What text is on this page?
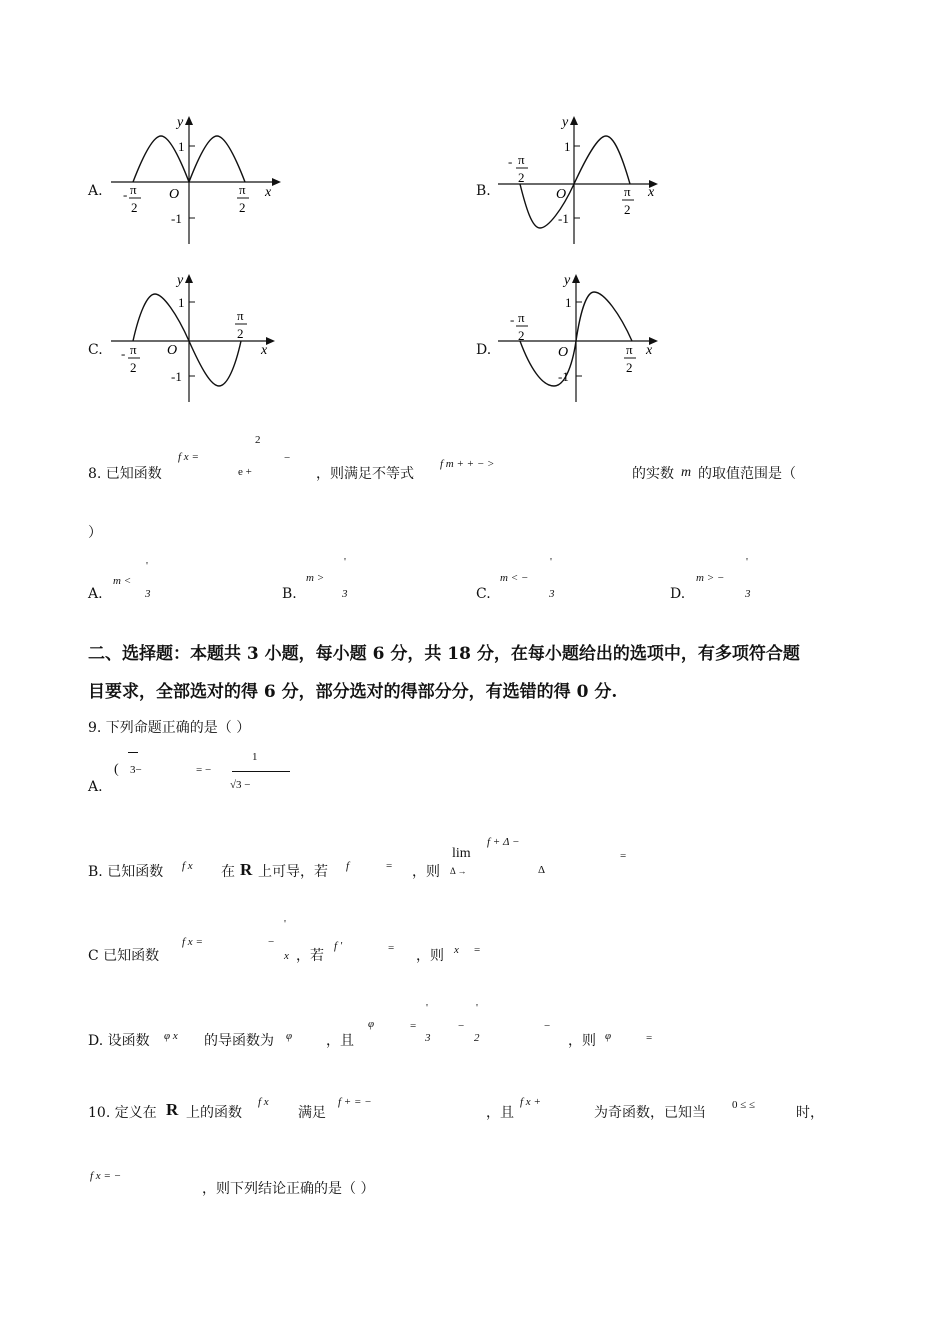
A.
y
x
O
1
-1
- π
2
π
2
B.
y
x
O
1
-1
- π
2
π
2
C.
y
x
O
1
-1
- π
2
π
2
D.
y
x
O
1
-1
- π
2
π
2
8. 已知函数
f x =
2
e +
−
，则满足不等式
f m + + − >
的实数 m 的取值范围是（
）
A.
m <
'
3	B.
m >
'
3	C.
m < −
'
3	D.
m > −
'
3
二、选择题：本题共 3 小题，每小题 6 分，共 18 分，在每小题给出的选项中，有多项符合题
目要求，全部选对的得 6 分，部分选对的得部分分，有选错的得 0 分.
9. 下列命题正确的是（ ）
A.
( 3−	= −
1
√3 −
B. 已知函数 f x 在 R 上可导，若 f	= ，则
lim
Δ →
f + Δ −
Δ
=
C 已知函数
f x =	−
'
x ，若
f ′	= ，则 x =
D. 设函数 φ x 的导函数为 φ ，且
φ	=
'
3
−
'
2
−
，则 φ	=
10. 定义在 R 上的函数
f x
满足
f + = −
，且
f x +
为奇函数，已知当 0 ≤ ≤	时，
f x = −
，则下列结论正确的是（ ）
